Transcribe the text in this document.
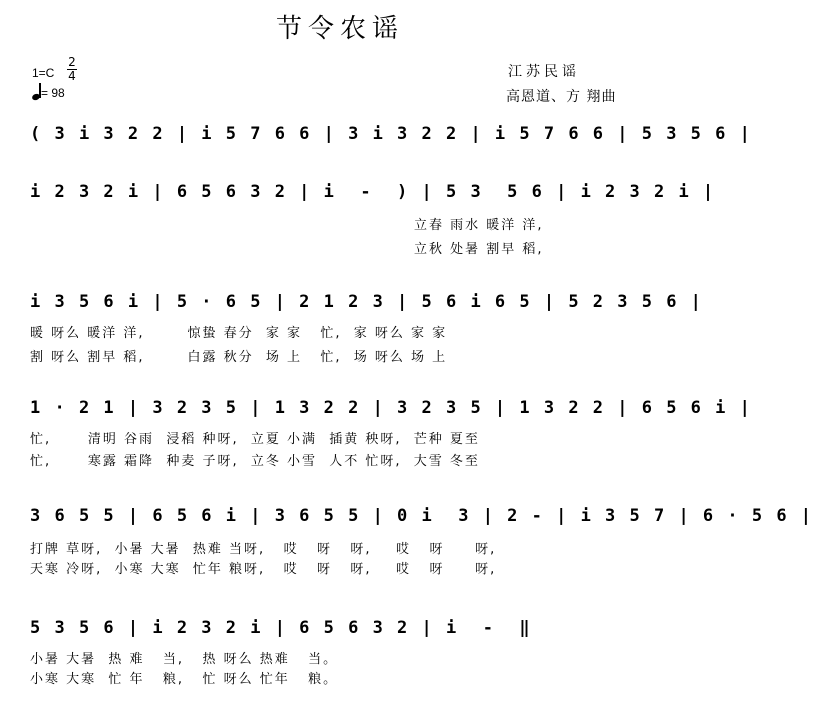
节令农谣
1=C
2
4
= 98
江苏民谣
高恩道、方 翔曲
( 3 i 3 2 2 | i 5 7 6 6 | 3 i 3 2 2 | i 5 7 6 6 | 5 3 5 6 |
i 2 3 2 i | 6 5 6 3 2 | i  -  ) | 5 3  5 6 | i 2 3 2 i |
立春 雨水 暖洋 洋,
立秋 处暑 割早 稻,
i 3 5 6 i | 5 · 6 5 | 2 1 2 3 | 5 6 i 6 5 | 5 2 3 5 6 |
暖 呀么 暖洋 洋,       惊蛰 春分  家 家   忙,  家 呀么 家 家
割 呀么 割早 稻,       白露 秋分  场 上   忙,  场 呀么 场 上
1 · 2 1 | 3 2 3 5 | 1 3 2 2 | 3 2 3 5 | 1 3 2 2 | 6 5 6 i |
忙,      清明 谷雨  浸稻 种呀,  立夏 小满  插黄 秧呀,  芒种 夏至
忙,      寒露 霜降  种麦 子呀,  立冬 小雪  人不 忙呀,  大雪 冬至
3 6 5 5 | 6 5 6 i | 3 6 5 5 | 0 i  3 | 2 - | i 3 5 7 | 6 · 5 6 |
打牌 草呀,  小暑 大暑  热难 当呀,   哎   呀   呀,    哎   呀     呀,
天寒 冷呀,  小寒 大寒  忙年 粮呀,   哎   呀   呀,    哎   呀     呀,
5 3 5 6 | i 2 3 2 i | 6 5 6 3 2 | i  -  ‖
小暑 大暑  热 难   当,   热 呀么 热难   当。
小寒 大寒  忙 年   粮,   忙 呀么 忙年   粮。
